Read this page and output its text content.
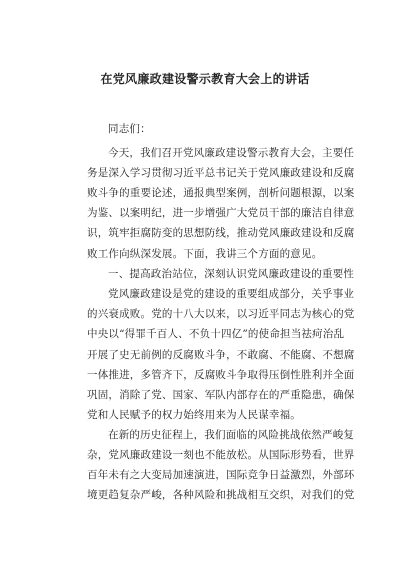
在党风廉政建设警示教育大会上的讲话
同志们：
今天，我们召开党风廉政建设警示教育大会，主要任
务是深入学习贯彻习近平总书记关于党风廉政建设和反腐
败斗争的重要论述，通报典型案例，剖析问题根源，以案
为鉴、以案明纪，进一步增强广大党员干部的廉洁自律意
识，筑牢拒腐防变的思想防线，推动党风廉政建设和反腐
败工作向纵深发展。下面，我讲三个方面的意见。
一、提高政治站位，深刻认识党风廉政建设的重要性
党风廉政建设是党的建设的重要组成部分，关乎事业
的兴衰成败。党的十八大以来，以习近平同志为核心的党
中央以“得罪千百人、不负十四亿”的使命担当祛疴治乱
开展了史无前例的反腐败斗争，不敢腐、不能腐、不想腐
一体推进，多管齐下，反腐败斗争取得压倒性胜利并全面
巩固，消除了党、国家、军队内部存在的严重隐患，确保
党和人民赋予的权力始终用来为人民谋幸福。
在新的历史征程上，我们面临的风险挑战依然严峻复
杂，党风廉政建设一刻也不能放松。从国际形势看，世界
百年未有之大变局加速演进，国际竞争日益激烈，外部环
境更趋复杂严峻，各种风险和挑战相互交织，对我们的党
